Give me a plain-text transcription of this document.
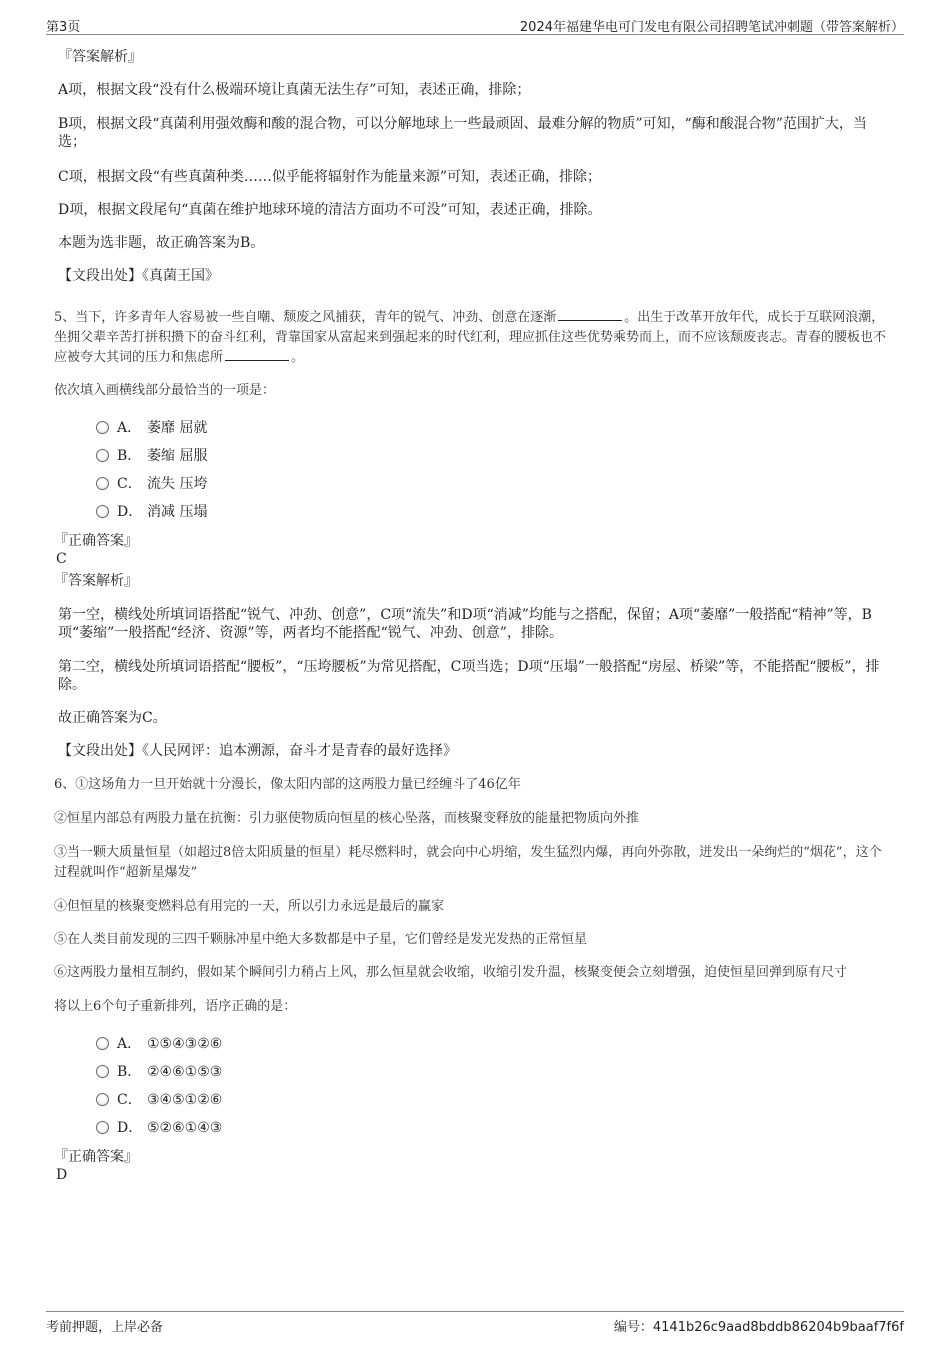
第3页	2024年福建华电可门发电有限公司招聘笔试冲刺题（带答案解析）

『答案解析』

A项，根据文段“没有什么极端环境让真菌无法生存”可知，表述正确，排除；

B项，根据文段“真菌利用强效酶和酸的混合物，可以分解地球上一些最顽固、最难分解的物质”可知，“酶和酸混合物”范围扩大，当选；

C项，根据文段“有些真菌种类……似乎能将辐射作为能量来源”可知，表述正确，排除；

D项，根据文段尾句“真菌在维护地球环境的清洁方面功不可没”可知，表述正确，排除。

本题为选非题，故正确答案为B。

【文段出处】《真菌王国》

5、当下，许多青年人容易被一些自嘲、颓废之风捕获，青年的锐气、冲劲、创意在逐渐	。出生于改革开放年代，成长于互联网浪潮，坐拥父辈辛苦打拼积攒下的奋斗红利，背靠国家从富起来到强起来的时代红利，理应抓住这些优势乘势而上，而不应该颓废丧志。青春的腰板也不应被夸大其词的压力和焦虑所	。

依次填入画横线部分最恰当的一项是：

A． 萎靡 屈就
B． 萎缩 屈服
C． 流失 压垮
D． 消减 压塌

『正确答案』

C

『答案解析』

第一空，横线处所填词语搭配“锐气、冲劲、创意”，C项“流失”和D项“消减”均能与之搭配，保留；A项“萎靡”一般搭配“精神”等，B项“萎缩”一般搭配“经济、资源”等，两者均不能搭配“锐气、冲劲、创意”，排除。

第二空，横线处所填词语搭配“腰板”，“压垮腰板”为常见搭配，C项当选；D项“压塌”一般搭配“房屋、桥梁”等，不能搭配“腰板”，排除。

故正确答案为C。

【文段出处】《人民网评：追本溯源，奋斗才是青春的最好选择》

6、①这场角力一旦开始就十分漫长，像太阳内部的这两股力量已经缠斗了46亿年

②恒星内部总有两股力量在抗衡：引力驱使物质向恒星的核心坠落，而核聚变释放的能量把物质向外推

③当一颗大质量恒星（如超过8倍太阳质量的恒星）耗尽燃料时，就会向中心坍缩，发生猛烈内爆，再向外弥散，迸发出一朵绚烂的“烟花”，这个过程就叫作“超新星爆发”

④但恒星的核聚变燃料总有用完的一天，所以引力永远是最后的赢家

⑤在人类目前发现的三四千颗脉冲星中绝大多数都是中子星，它们曾经是发光发热的正常恒星

⑥这两股力量相互制约，假如某个瞬间引力稍占上风，那么恒星就会收缩，收缩引发升温，核聚变便会立刻增强，迫使恒星回弹到原有尺寸

将以上6个句子重新排列，语序正确的是：

A． ①⑤④③②⑥
B． ②④⑥①⑤③
C． ③④⑤①②⑥
D． ⑤②⑥①④③

『正确答案』

D

考前押题，上岸必备	编号：4141b26c9aad8bddb86204b9baaf7f6f
